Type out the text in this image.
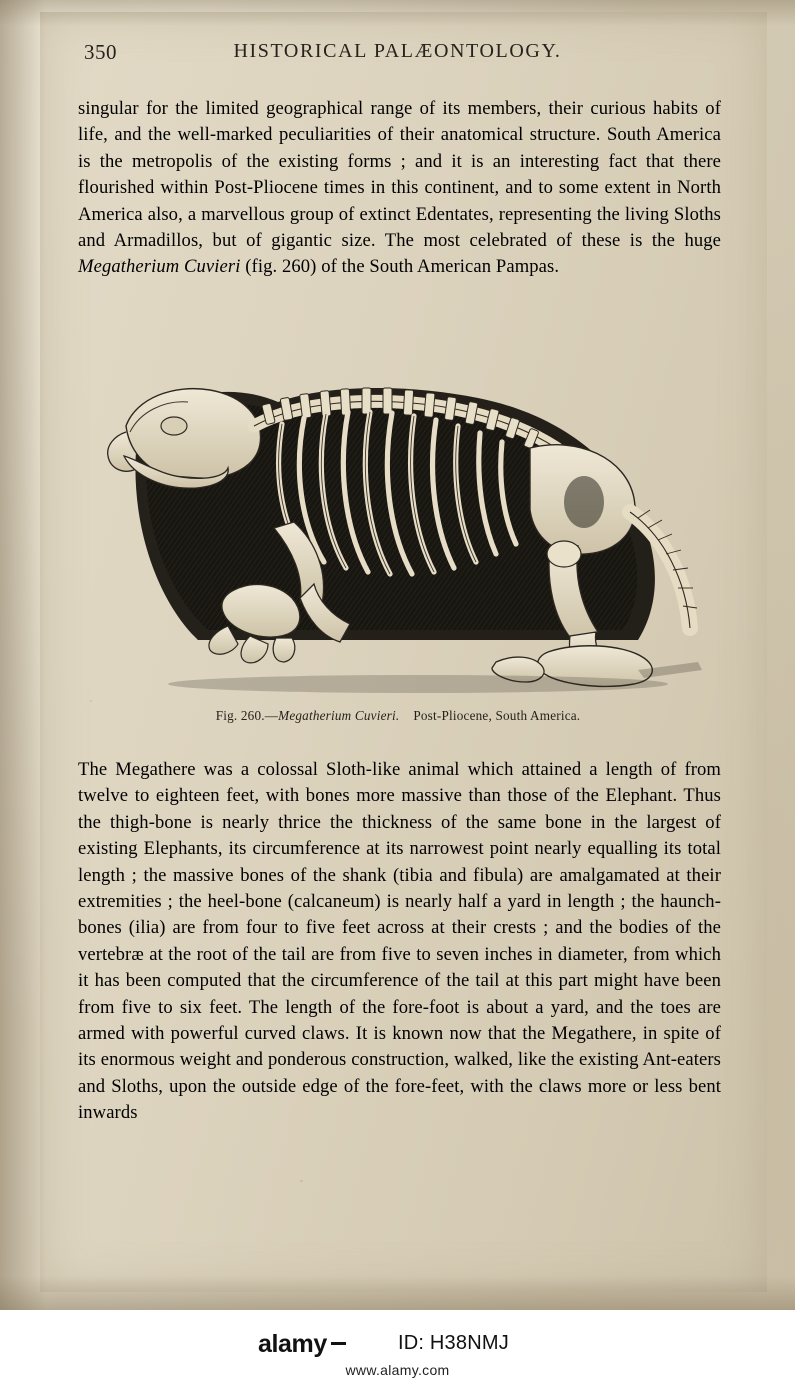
350	HISTORICAL PALÆONTOLOGY.

singular for the limited geographical range of its members, their curious habits of life, and the well-marked peculiarities of their anatomical structure. South America is the metropolis of the existing forms ; and it is an interesting fact that there flourished within Post-Pliocene times in this continent, and to some extent in North America also, a marvellous group of extinct Edentates, representing the living Sloths and Armadillos, but of gigantic size. The most celebrated of these is the huge Megatherium Cuvieri (fig. 260) of the South American Pampas.

Fig. 260.—Megatherium Cuvieri. Post-Pliocene, South America.

The Megathere was a colossal Sloth-like animal which attained a length of from twelve to eighteen feet, with bones more massive than those of the Elephant. Thus the thigh-bone is nearly thrice the thickness of the same bone in the largest of existing Elephants, its circumference at its narrowest point nearly equalling its total length ; the massive bones of the shank (tibia and fibula) are amalgamated at their extremities ; the heel-bone (calcaneum) is nearly half a yard in length ; the haunch-bones (ilia) are from four to five feet across at their crests ; and the bodies of the vertebræ at the root of the tail are from five to seven inches in diameter, from which it has been computed that the circumference of the tail at this part might have been from five to six feet. The length of the fore-foot is about a yard, and the toes are armed with powerful curved claws. It is known now that the Megathere, in spite of its enormous weight and ponderous construction, walked, like the existing Ant-eaters and Sloths, upon the outside edge of the fore-feet, with the claws more or less bent inwards

alamy	ID: H38NMJ
www.alamy.com
